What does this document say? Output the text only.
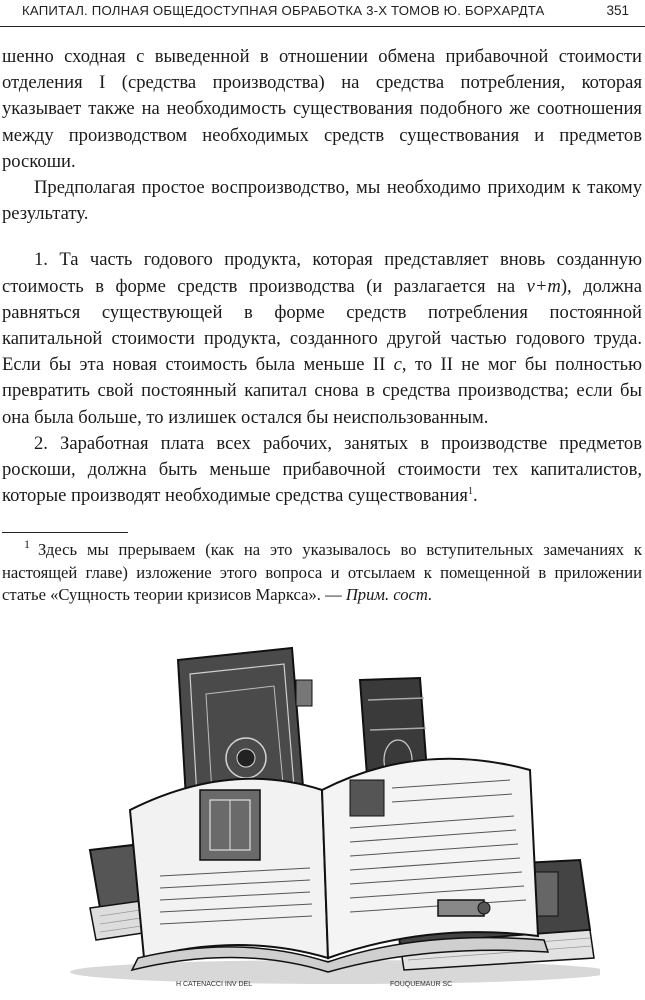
КАПИТАЛ. ПОЛНАЯ ОБЩЕДОСТУПНАЯ ОБРАБОТКА 3-Х ТОМОВ Ю. БОРХАРДТА	351

шенно сходная с выведенной в отношении обмена прибавочной стоимости отделения I (средства производства) на средства потребления, которая указывает также на необходимость существования подобного же соотношения между производством необходимых средств существования и предметов роскоши.

Предполагая простое воспроизводство, мы необходимо приходим к такому результату.

1. Та часть годового продукта, которая представляет вновь созданную стоимость в форме средств производства (и разлагается на v+m), должна равняться существующей в форме средств потребления постоянной капитальной стоимости продукта, созданного другой частью годового труда. Если бы эта новая стоимость была меньше II c, то II не мог бы полностью превратить свой постоянный капитал снова в средства производства; если бы она была больше, то излишек остался бы неиспользованным.

2. Заработная плата всех рабочих, занятых в производстве предметов роскоши, должна быть меньше прибавочной стоимости тех капиталистов, которые производят необходимые средства существования$^1$.

$^1$ Здесь мы прерываем (как на это указывалось во вступительных замечаниях к настоящей главе) изложение этого вопроса и отсылаем к помещенной в приложении статье «Сущность теории кризисов Маркса». — Прим. сост.

H CATENACCI INV DEL	FOUQUEMAUR SC
